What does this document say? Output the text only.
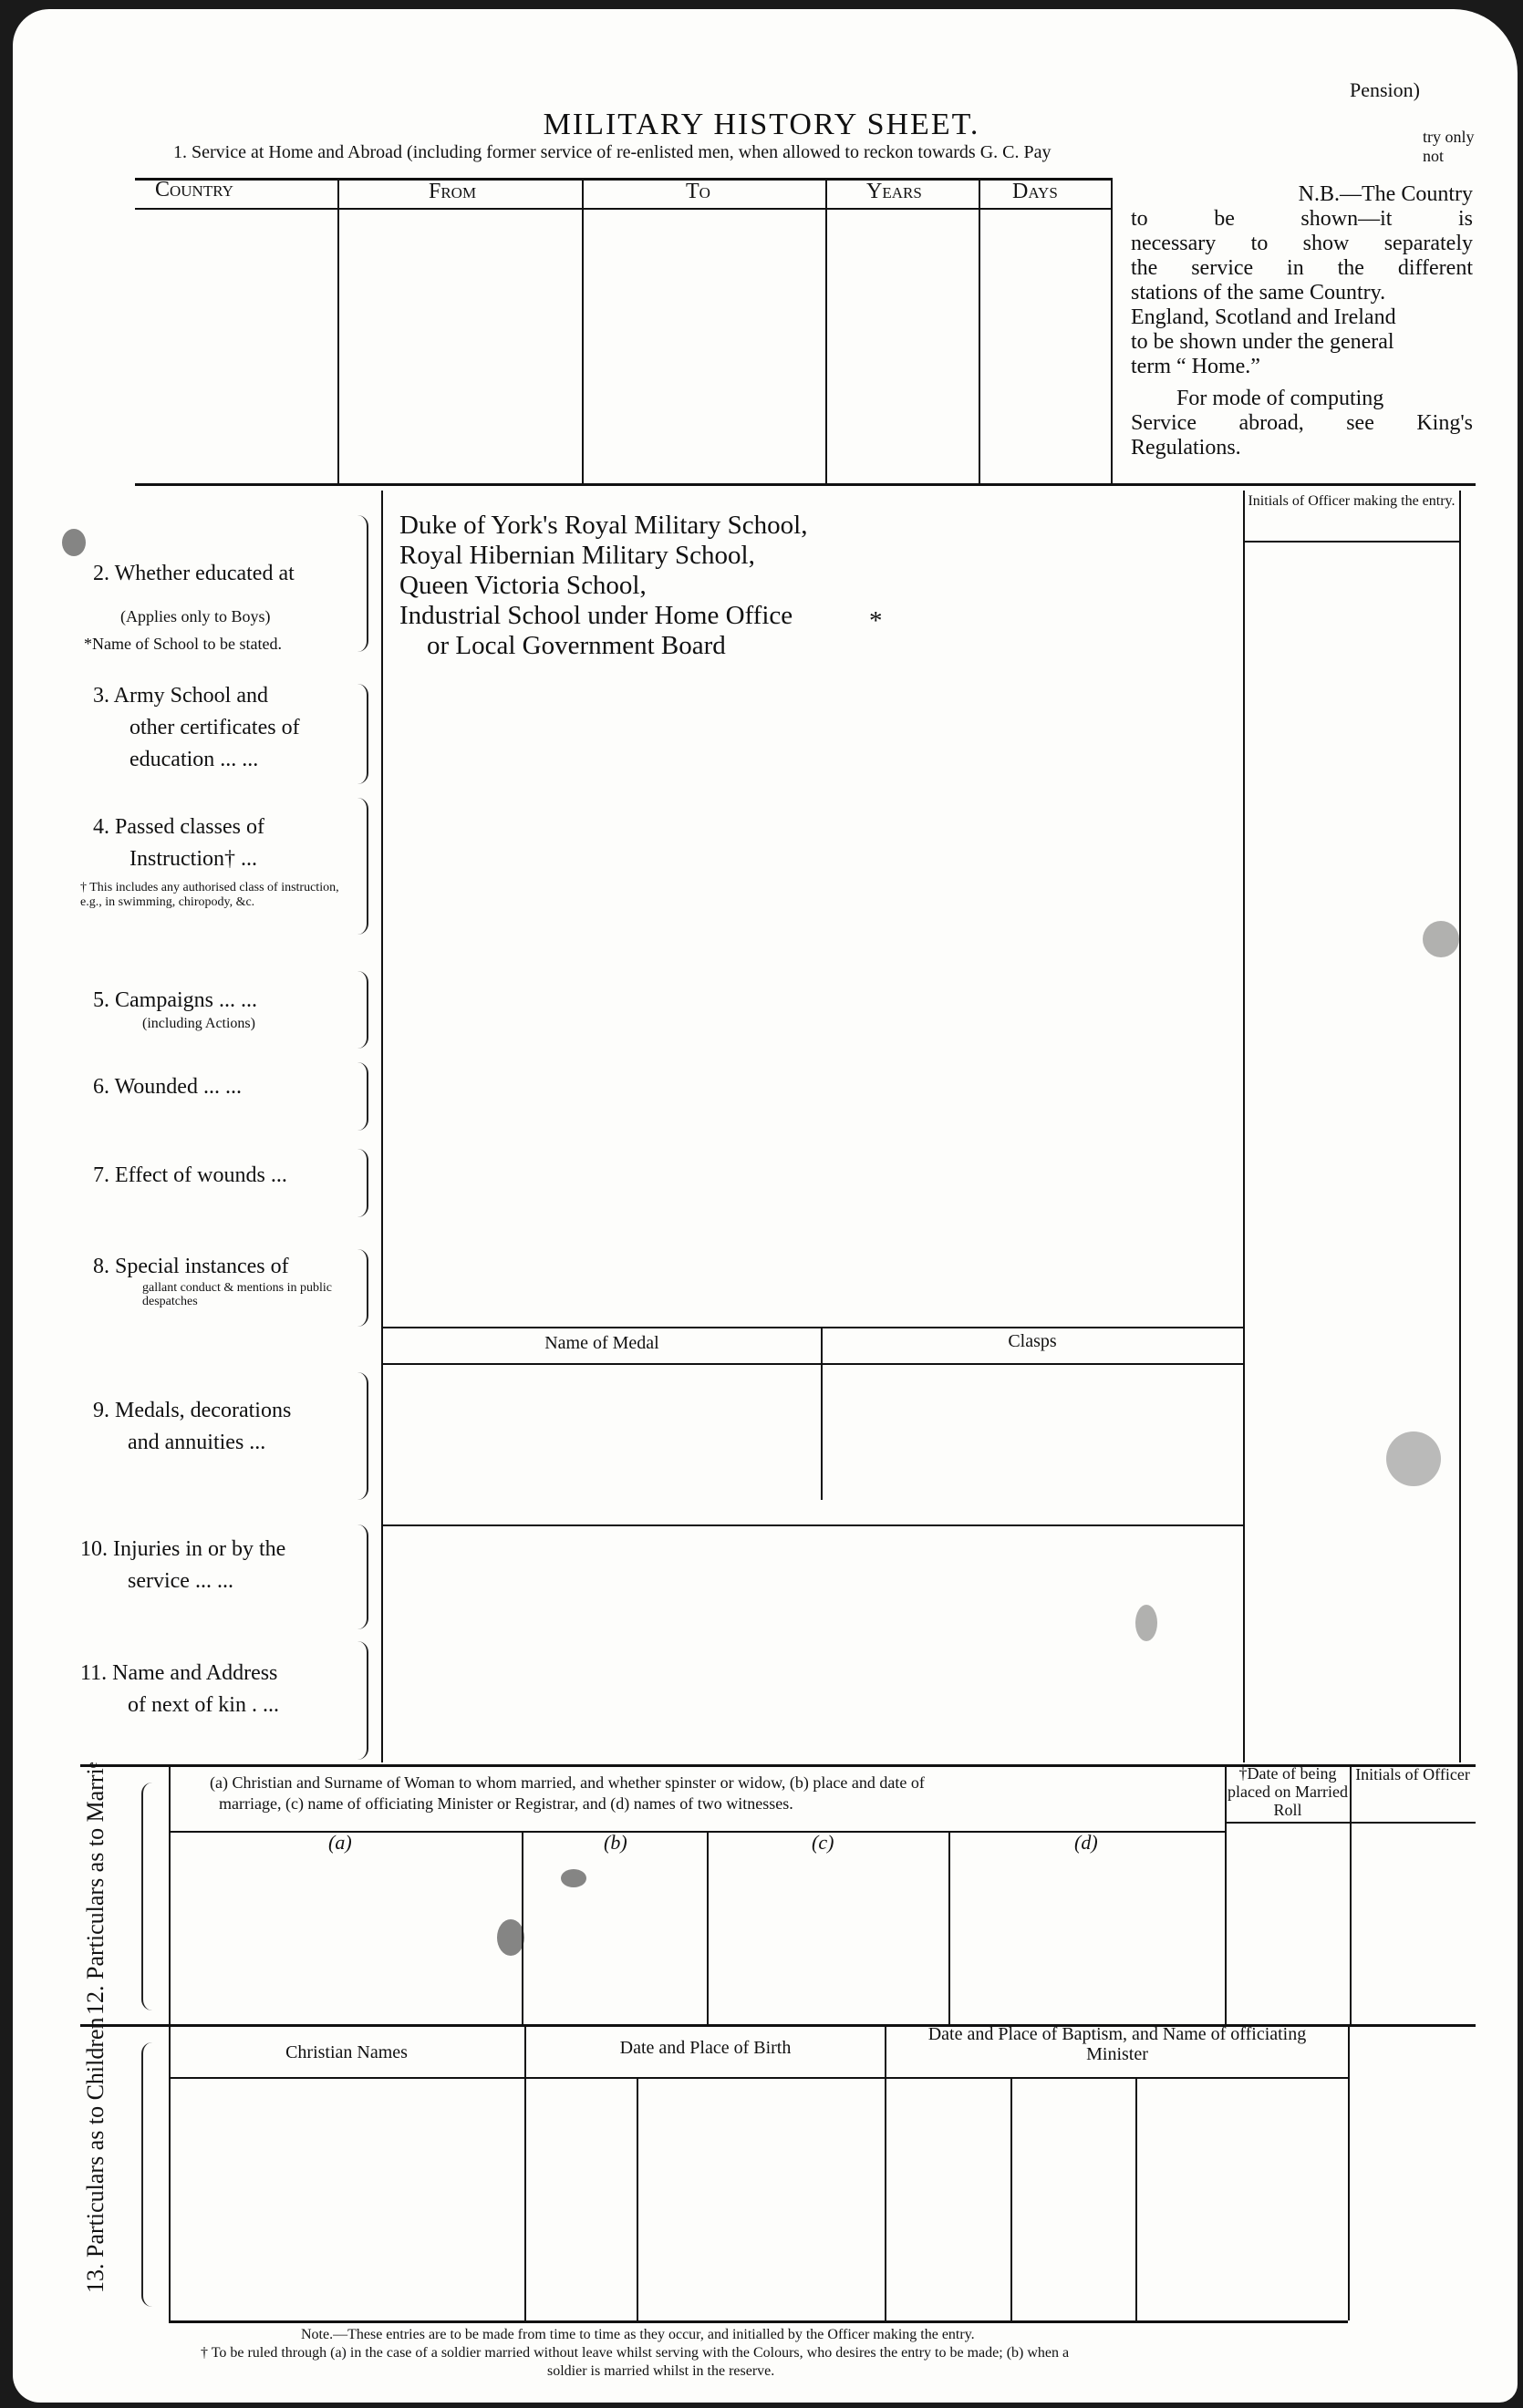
Pension)
MILITARY HISTORY SHEET.
1. Service at Home and Abroad (including former service of re-enlisted men, when allowed to reckon towards G. C. Pay
try only not
Country	From	To	Years	Days	N.B.—The Country
to be shown—it is
necessary to show separately
the service in the different
stations of the same Country.
England, Scotland and Ireland
to be shown under the general
term “ Home.”
For mode of computing
Service abroad, see King's
Regulations.
Initials of Officer making the entry.
Duke of York's Royal Military School,
Royal Hibernian Military School,
Queen Victoria School,
Industrial School under Home Office
or Local Government Board
*
2. Whether educated at
(Applies only to Boys)
*Name of School to be stated.
3. Army School and
other certificates of
education ... ...
4. Passed classes of
Instruction† ...
† This includes any authorised class of instruction, e.g., in swimming, chiropody, &c.
5. Campaigns ... ...
(including Actions)
6. Wounded ... ...
7. Effect of wounds ...
8. Special instances of
gallant conduct & mentions in public despatches
Name of Medal	Clasps
9. Medals, decorations
and annuities ...
10. Injuries in or by the
service ... ...
11. Name and Address
of next of kin . ...
(a) Christian and Surname of Woman to whom married, and whether spinster or widow, (b) place and date of
marriage, (c) name of officiating Minister or Registrar, and (d) names of two witnesses.
(a)	(b)	(c)	(d)
†Date of being placed on Married Roll
Initials of Officer
12. Particulars as to Marriᵉ
Christian Names	Date and Place of Birth
Date and Place of Baptism, and Name of officiating Minister
13. Particulars as to Children
Note.—These entries are to be made from time to time as they occur, and initialled by the Officer making the entry.
† To be ruled through (a) in the case of a soldier married without leave whilst serving with the Colours, who desires the entry to be made; (b) when a
soldier is married whilst in the reserve.
